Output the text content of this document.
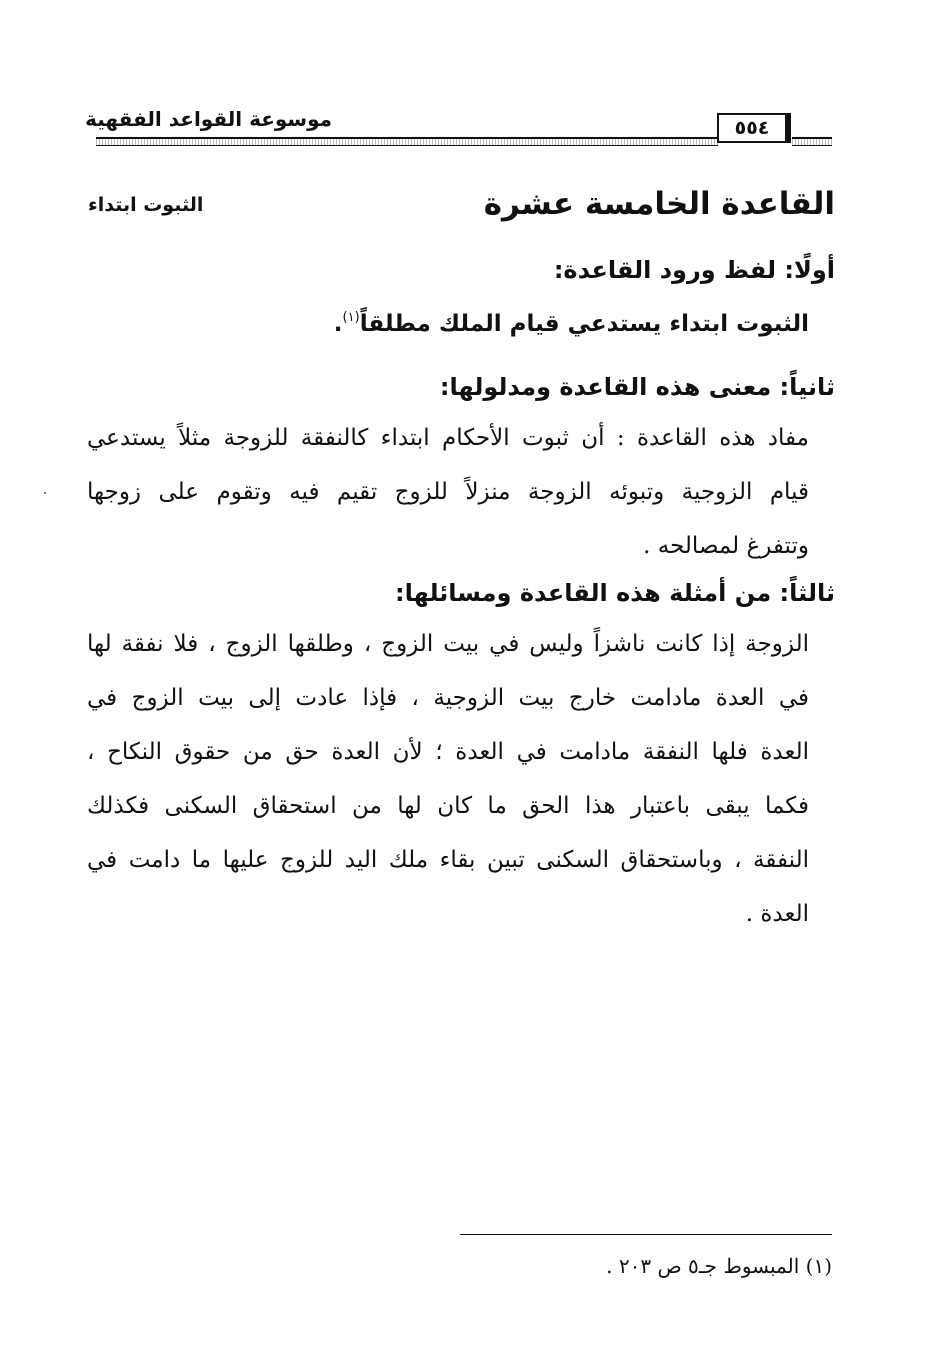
موسوعة القواعد الفقهية	٥٥٤
القاعدة الخامسة عشرة
الثبوت ابتداء
أولًا: لفظ ورود القاعدة:
الثبوت ابتداء يستدعي قيام الملك مطلقاً$^{(١)}$.
ثانياً: معنى هذه القاعدة ومدلولها:
مفاد هذه القاعدة : أن ثبوت الأحكام ابتداء كالنفقة للزوجة مثلاً يستدعي
قيام الزوجية وتبوئه الزوجة منزلاً للزوج تقيم فيه وتقوم على زوجها
وتتفرغ لمصالحه .
ثالثاً: من أمثلة هذه القاعدة ومسائلها:
الزوجة إذا كانت ناشزاً وليس في بيت الزوج ، وطلقها الزوج ، فلا نفقة لها
في العدة مادامت خارج بيت الزوجية ، فإذا عادت إلى بيت الزوج في
العدة فلها النفقة مادامت في العدة ؛ لأن العدة حق من حقوق النكاح ،
فكما يبقى باعتبار هذا الحق ما كان لها من استحقاق السكنى فكذلك
النفقة ، وباستحقاق السكنى تبين بقاء ملك اليد للزوج عليها ما دامت في
العدة .
(١) المبسوط جـ٥ ص ٢٠٣ .
